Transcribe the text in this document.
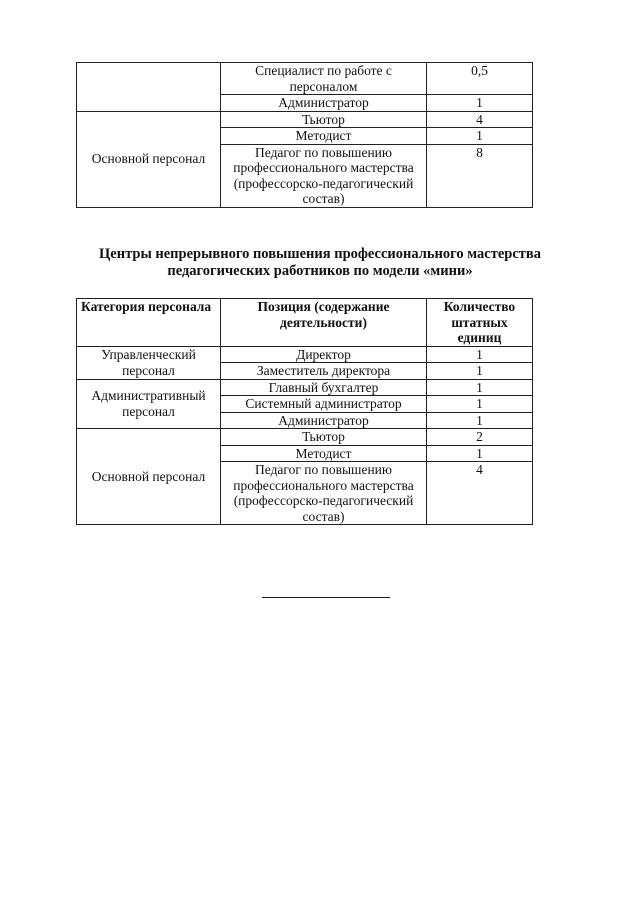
	Специалист по работе с
персоналом	0,5
	Администратор	1
Основной персонал	Тьютор	4
	Методист	1
	Педагог по повышению
профессионального мастерства
(профессорско-педагогический
состав)	8
Центры непрерывного повышения профессионального мастерства
педагогических работников по модели «мини»
Категория персонала	Позиция (содержание
деятельности)	Количество
штатных
единиц
Управленческий
персонал	Директор	1
	Заместитель директора	1
Административный
персонал	Главный бухгалтер	1
	Системный администратор	1
	Администратор	1
Основной персонал	Тьютор	2
	Методист	1
	Педагог по повышению
профессионального мастерства
(профессорско-педагогический
состав)	4
